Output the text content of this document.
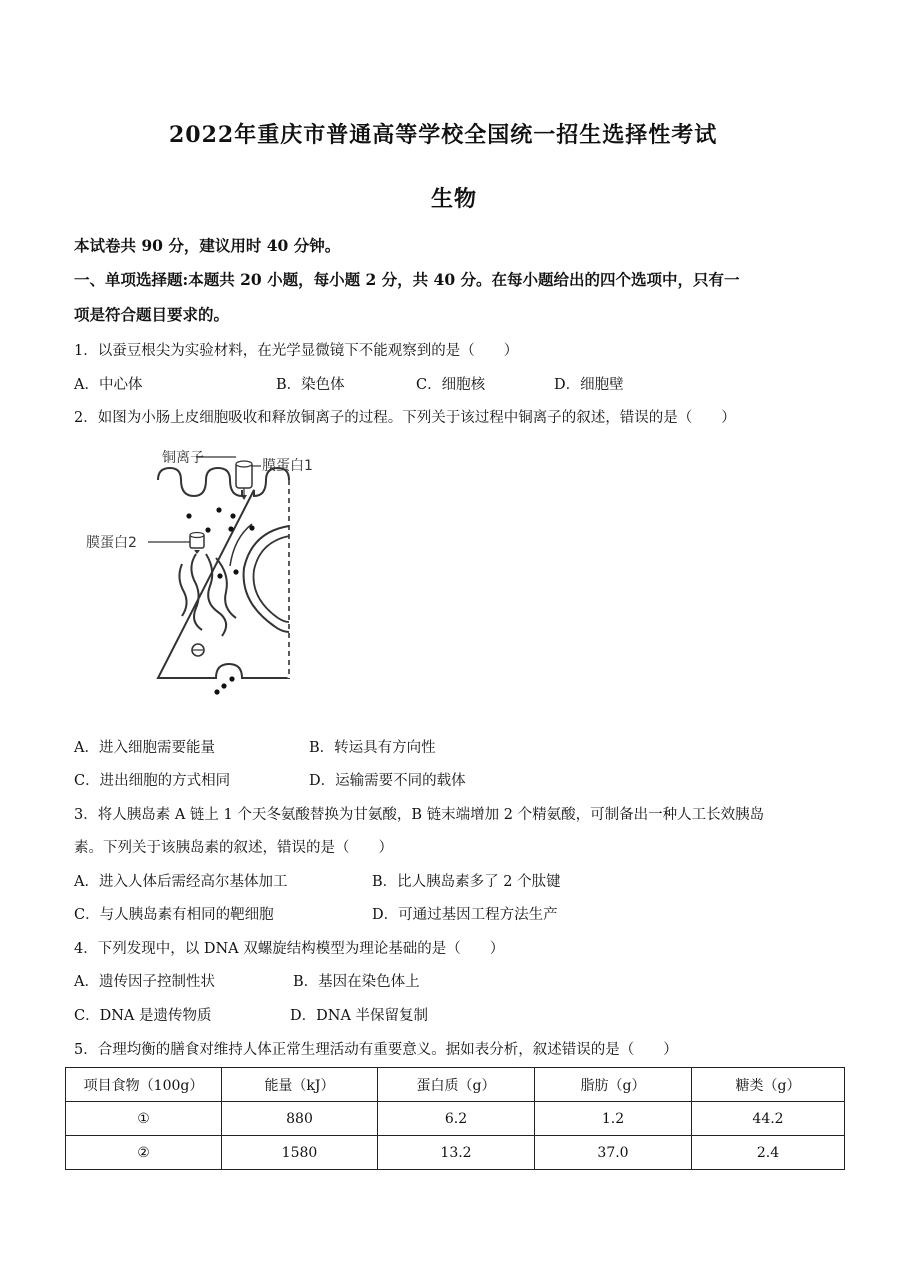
2022年重庆市普通高等学校全国统一招生选择性考试
生物
本试卷共 90 分，建议用时 40 分钟。
一、单项选择题:本题共 20 小题，每小题 2 分，共 40 分。在每小题给出的四个选项中，只有一
项是符合题目要求的。
1．以蚕豆根尖为实验材料，在光学显微镜下不能观察到的是（　　）
A．中心体	B．染色体	C．细胞核	D．细胞壁
2．如图为小肠上皮细胞吸收和释放铜离子的过程。下列关于该过程中铜离子的叙述，错误的是（　　）
铜离子	膜蛋白1
膜蛋白2
A．进入细胞需要能量	B．转运具有方向性
C．进出细胞的方式相同	D．运输需要不同的载体
3．将人胰岛素 A 链上 1 个天冬氨酸替换为甘氨酸，B 链末端增加 2 个精氨酸，可制备出一种人工长效胰岛
素。下列关于该胰岛素的叙述，错误的是（　　）
A．进入人体后需经高尔基体加工	B．比人胰岛素多了 2 个肽键
C．与人胰岛素有相同的靶细胞	D．可通过基因工程方法生产
4．下列发现中，以 DNA 双螺旋结构模型为理论基础的是（　　）
A．遗传因子控制性状	B．基因在染色体上
C．DNA 是遗传物质	D．DNA 半保留复制
5．合理均衡的膳食对维持人体正常生理活动有重要意义。据如表分析，叙述错误的是（　　）
项目食物（100g）	能量（kJ）	蛋白质（g）	脂肪（g）	糖类（g）
①	880	6.2	1.2	44.2
②	1580	13.2	37.0	2.4
